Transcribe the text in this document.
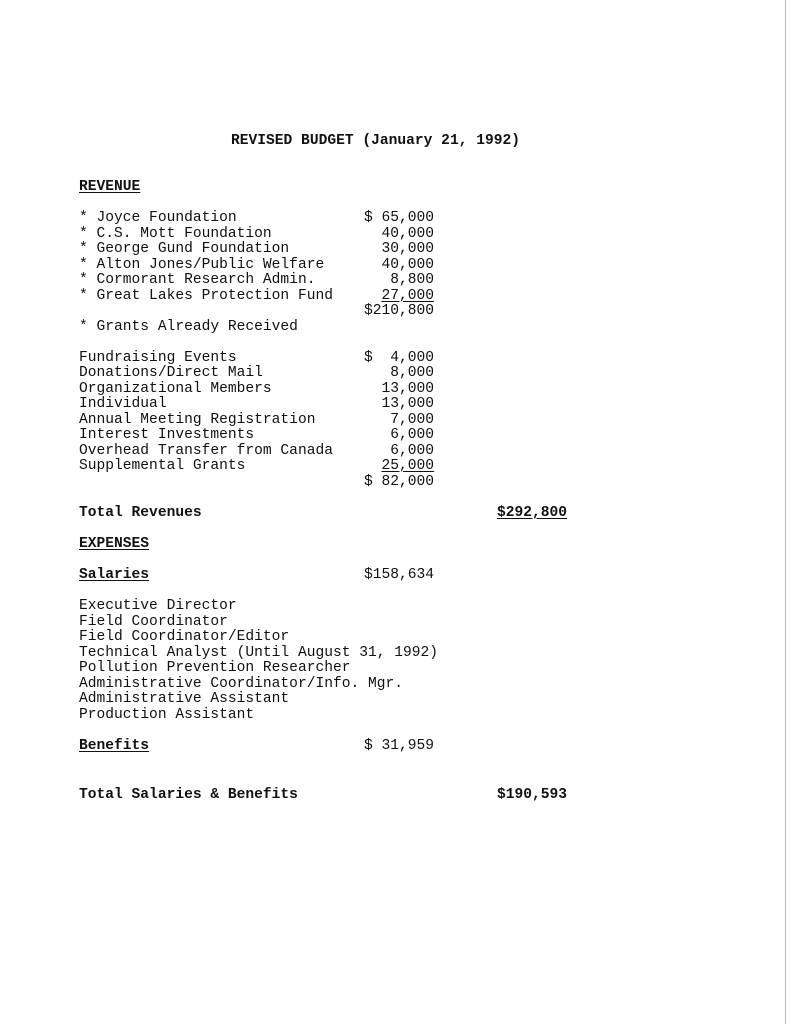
REVISED BUDGET (January 21, 1992)
REVENUE
* Joyce Foundation	$ 65,000
* C.S. Mott Foundation	40,000
* George Gund Foundation	30,000
* Alton Jones/Public Welfare	40,000
* Cormorant Research Admin.	8,800
* Great Lakes Protection Fund	27,000
$210,800
* Grants Already Received
Fundraising Events	$  4,000
Donations/Direct Mail	8,000
Organizational Members	13,000
Individual	13,000
Annual Meeting Registration	7,000
Interest Investments	6,000
Overhead Transfer from Canada	6,000
Supplemental Grants	25,000
$ 82,000
Total Revenues	$292,800
EXPENSES
Salaries	$158,634
Executive Director
Field Coordinator
Field Coordinator/Editor
Technical Analyst (Until August 31, 1992)
Pollution Prevention Researcher
Administrative Coordinator/Info. Mgr.
Administrative Assistant
Production Assistant
Benefits	$ 31,959
Total Salaries & Benefits	$190,593
